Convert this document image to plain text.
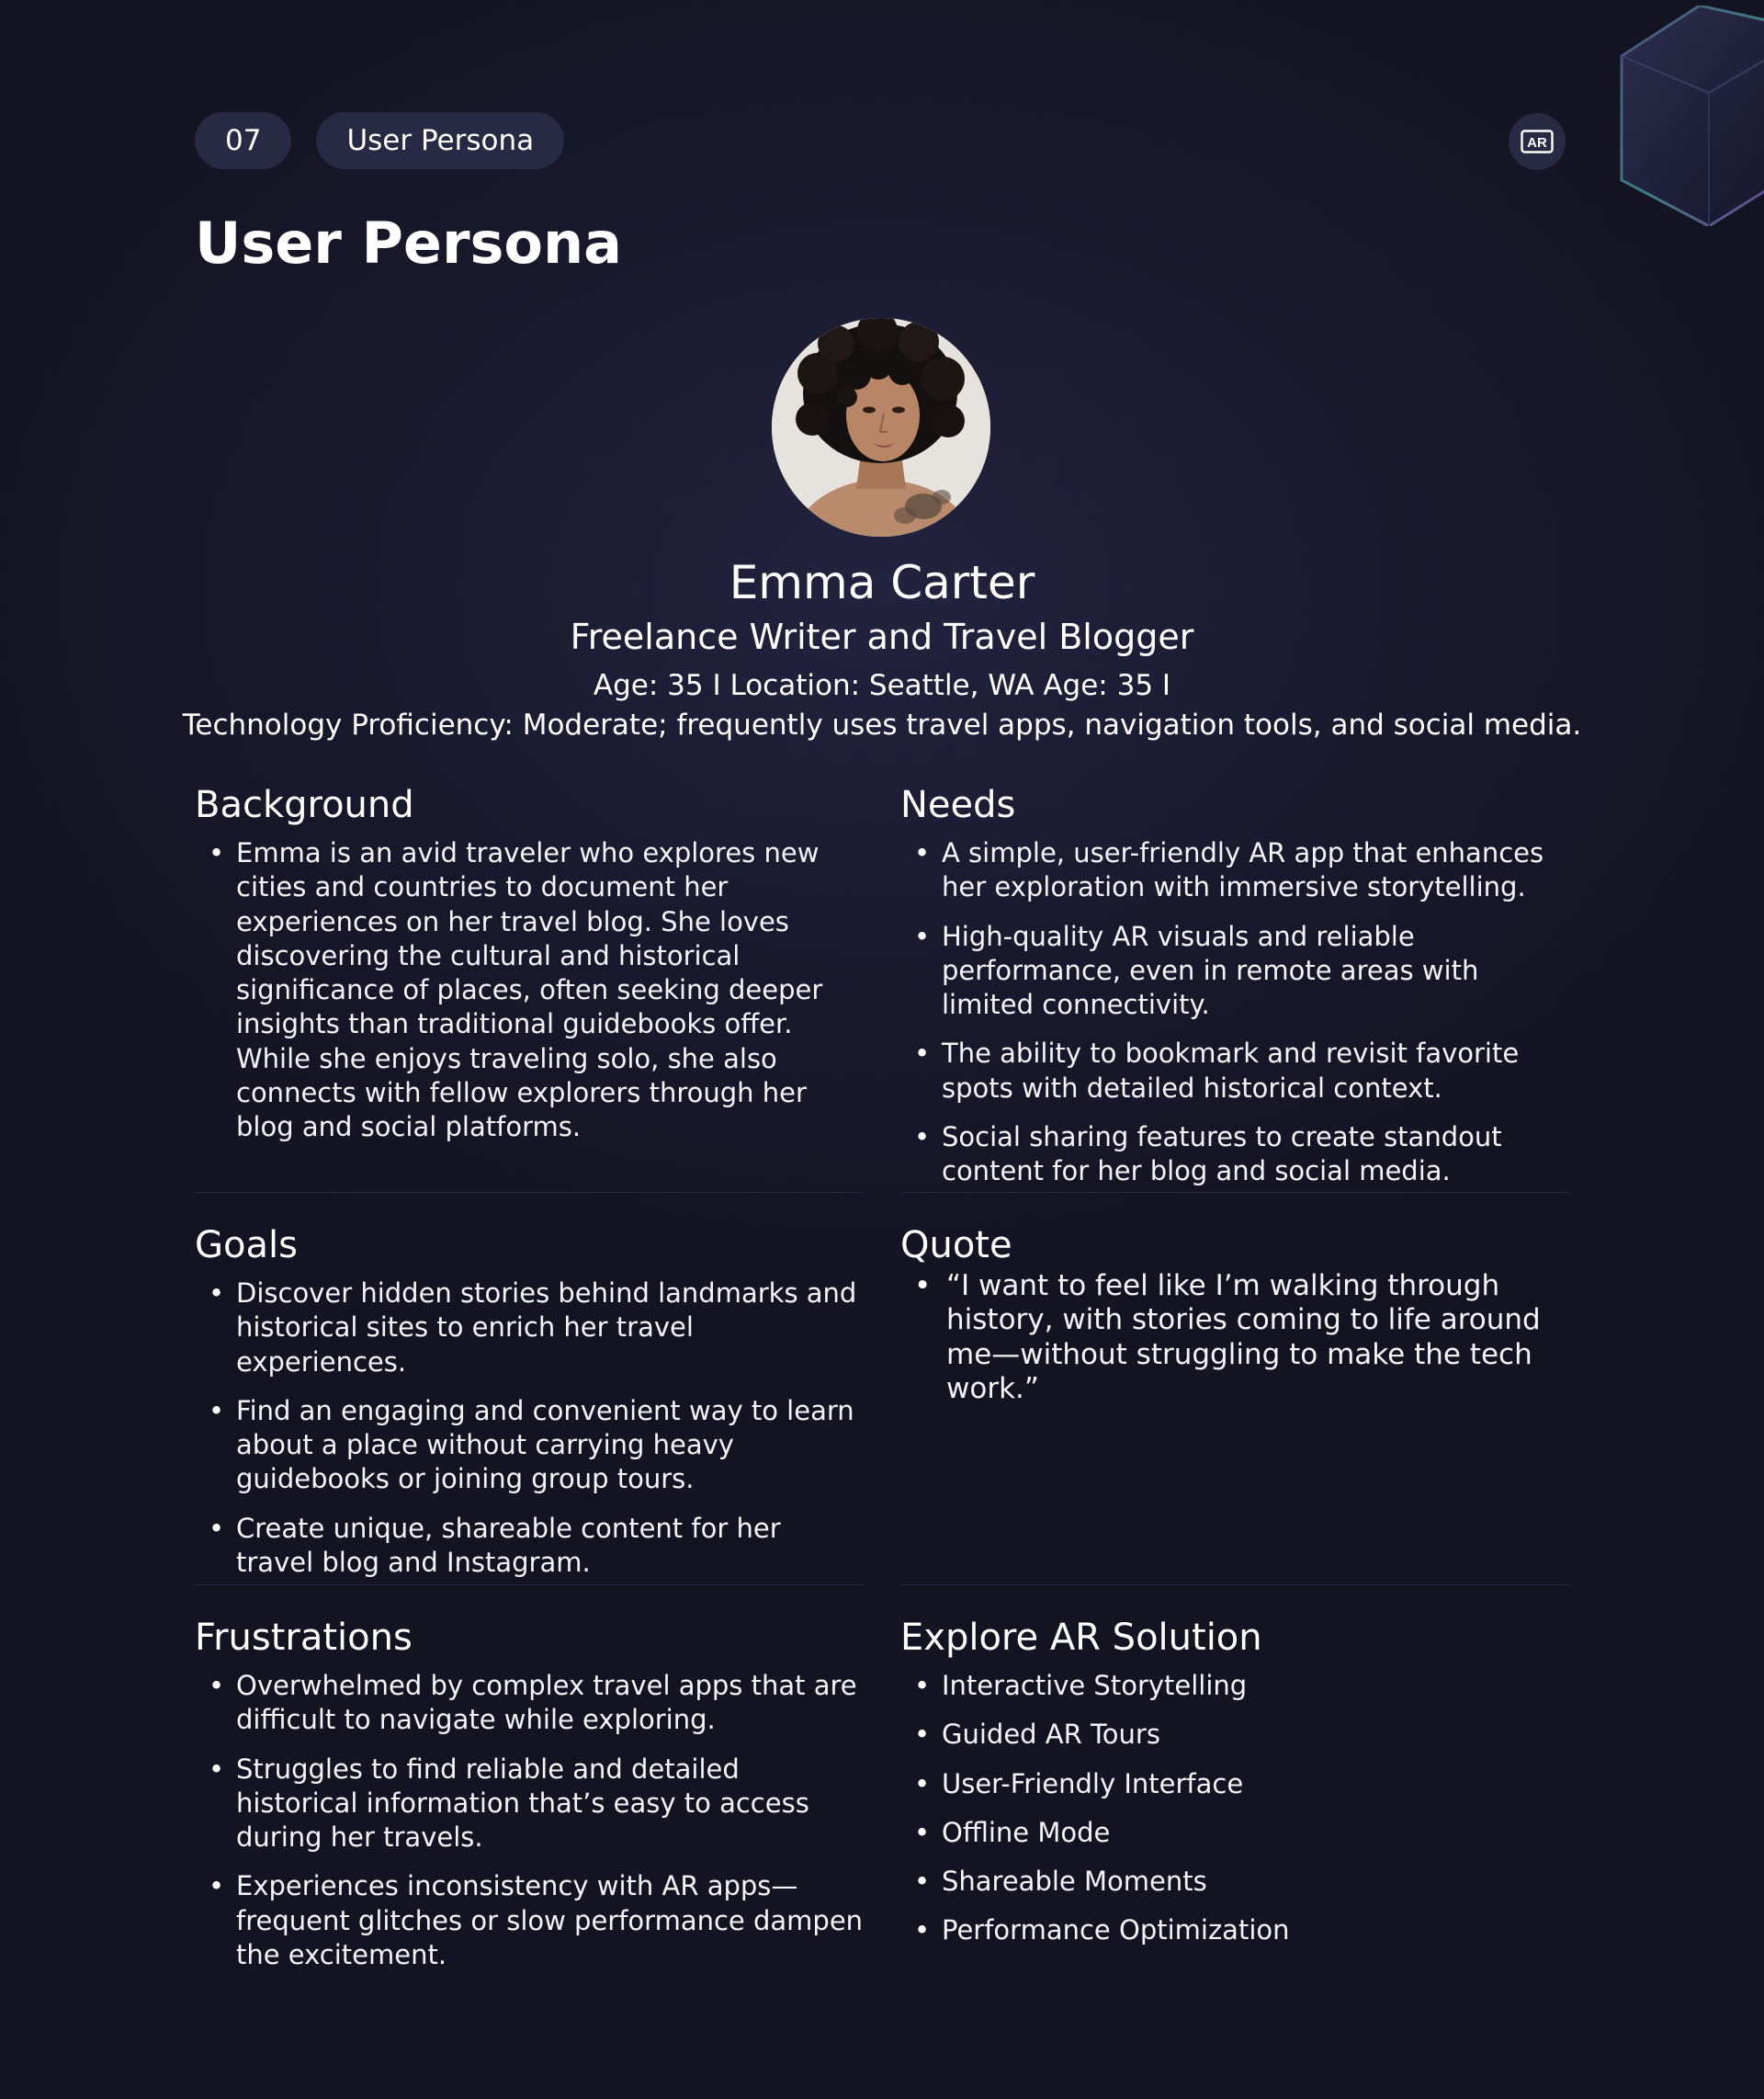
07	User Persona	AR
User Persona
Emma Carter
Freelance Writer and Travel Blogger
Age: 35 I Location: Seattle, WA Age: 35 I
Technology Proficiency: Moderate; frequently uses travel apps, navigation tools, and social media.
Background
• Emma is an avid traveler who explores new cities and countries to document her experiences on her travel blog. She loves discovering the cultural and historical significance of places, often seeking deeper insights than traditional guidebooks offer. While she enjoys traveling solo, she also connects with fellow explorers through her blog and social platforms.
Needs
• A simple, user-friendly AR app that enhances her exploration with immersive storytelling.
• High-quality AR visuals and reliable performance, even in remote areas with limited connectivity.
• The ability to bookmark and revisit favorite spots with detailed historical context.
• Social sharing features to create standout content for her blog and social media.
Goals
• Discover hidden stories behind landmarks and historical sites to enrich her travel experiences.
• Find an engaging and convenient way to learn about a place without carrying heavy guidebooks or joining group tours.
• Create unique, shareable content for her travel blog and Instagram.
Quote
• “I want to feel like I’m walking through history, with stories coming to life around me—without struggling to make the tech work.”
Frustrations
• Overwhelmed by complex travel apps that are difficult to navigate while exploring.
• Struggles to find reliable and detailed historical information that’s easy to access during her travels.
• Experiences inconsistency with AR apps—frequent glitches or slow performance dampen the excitement.
Explore AR Solution
• Interactive Storytelling
• Guided AR Tours
• User-Friendly Interface
• Offline Mode
• Shareable Moments
• Performance Optimization
